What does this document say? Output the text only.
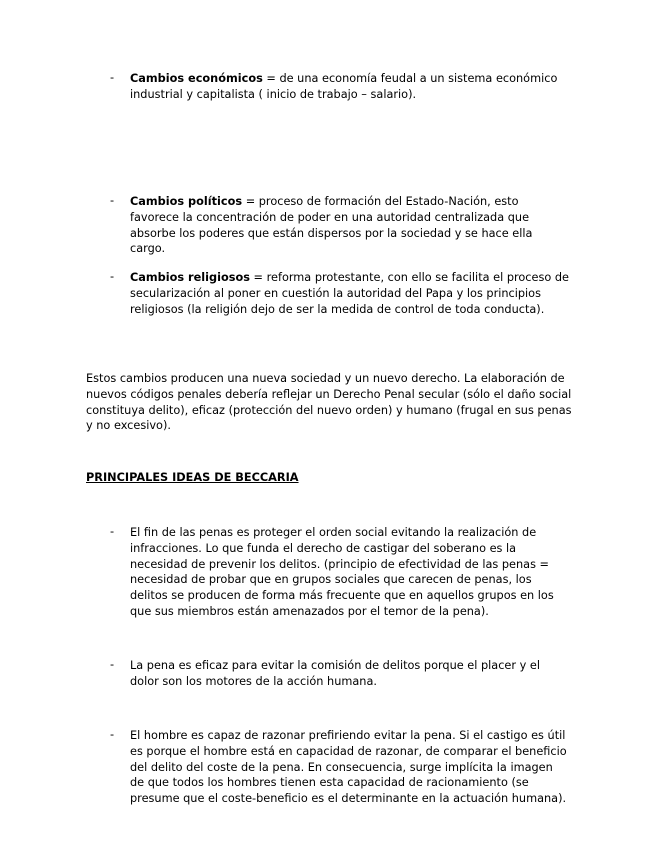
- Cambios económicos = de una economía feudal a un sistema económico industrial y capitalista ( inicio de trabajo – salario).
- Cambios políticos = proceso de formación del Estado-Nación, esto favorece la concentración de poder en una autoridad centralizada que absorbe los poderes que están dispersos por la sociedad y se hace ella cargo.
- Cambios religiosos = reforma protestante, con ello se facilita el proceso de secularización al poner en cuestión la autoridad del Papa y los principios religiosos (la religión dejo de ser la medida de control de toda conducta).
Estos cambios producen una nueva sociedad y un nuevo derecho. La elaboración de nuevos códigos penales debería reflejar un Derecho Penal secular (sólo el daño social constituya delito), eficaz (protección del nuevo orden) y humano (frugal en sus penas y no excesivo).
PRINCIPALES IDEAS DE BECCARIA
- El fin de las penas es proteger el orden social evitando la realización de infracciones. Lo que funda el derecho de castigar del soberano es la necesidad de prevenir los delitos. (principio de efectividad de las penas = necesidad de probar que en grupos sociales que carecen de penas, los delitos se producen de forma más frecuente que en aquellos grupos en los que sus miembros están amenazados por el temor de la pena).
- La pena es eficaz para evitar la comisión de delitos porque el placer y el dolor son los motores de la acción humana.
- El hombre es capaz de razonar prefiriendo evitar la pena. Si el castigo es útil es porque el hombre está en capacidad de razonar, de comparar el beneficio del delito del coste de la pena. En consecuencia, surge implícita la imagen de que todos los hombres tienen esta capacidad de racionamiento (se presume que el coste-beneficio es el determinante en la actuación humana).
